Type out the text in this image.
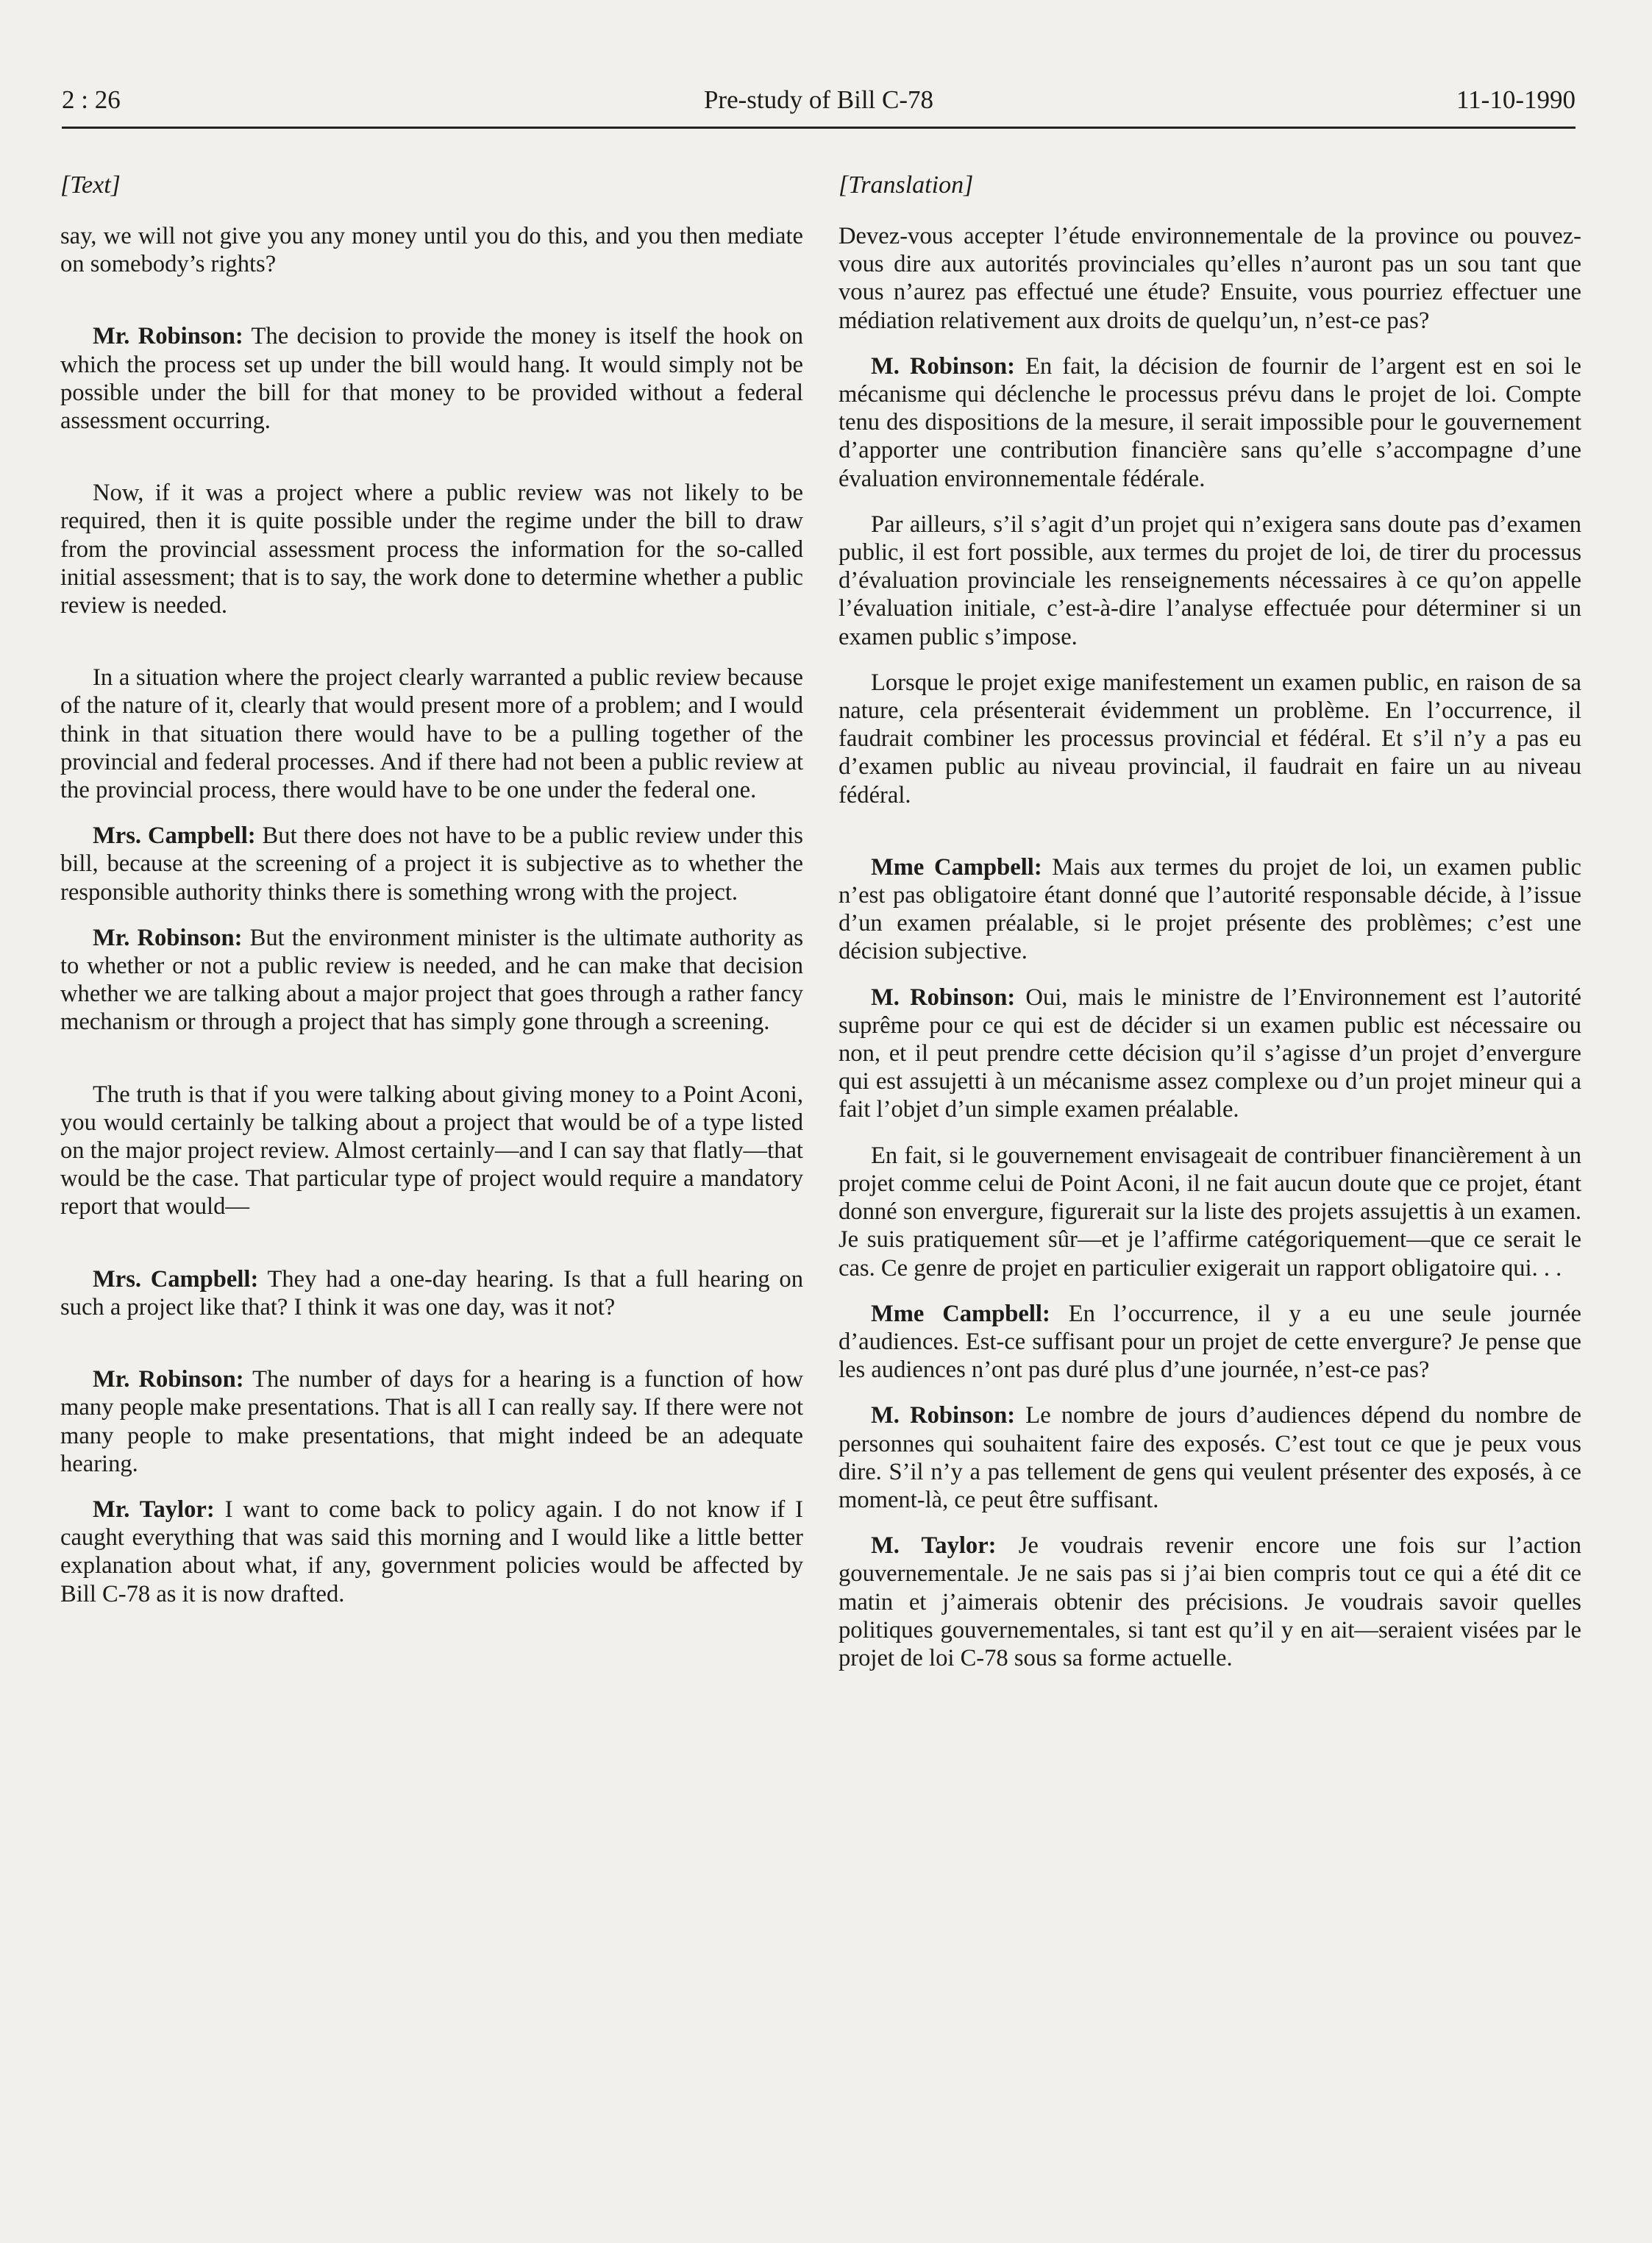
Pre-study of Bill C-78
2 : 26	11-10-1990
[Text]

say, we will not give you any money until you do this, and you then mediate on somebody’s rights?

Mr. Robinson: The decision to provide the money is itself the hook on which the process set up under the bill would hang. It would simply not be possible under the bill for that money to be provided without a federal assessment occurring.

Now, if it was a project where a public review was not likely to be required, then it is quite possible under the regime under the bill to draw from the provincial assessment process the information for the so-called initial assessment; that is to say, the work done to determine whether a public review is needed.

In a situation where the project clearly warranted a public review because of the nature of it, clearly that would present more of a problem; and I would think in that situation there would have to be a pulling together of the provincial and federal processes. And if there had not been a public review at the provincial process, there would have to be one under the federal one.

Mrs. Campbell: But there does not have to be a public review under this bill, because at the screening of a project it is subjective as to whether the responsible authority thinks there is something wrong with the project.

Mr. Robinson: But the environment minister is the ultimate authority as to whether or not a public review is needed, and he can make that decision whether we are talking about a major project that goes through a rather fancy mechanism or through a project that has simply gone through a screening.

The truth is that if you were talking about giving money to a Point Aconi, you would certainly be talking about a project that would be of a type listed on the major project review. Almost certainly—and I can say that flatly—that would be the case. That particular type of project would require a mandatory report that would—

Mrs. Campbell: They had a one-day hearing. Is that a full hearing on such a project like that? I think it was one day, was it not?

Mr. Robinson: The number of days for a hearing is a function of how many people make presentations. That is all I can really say. If there were not many people to make presentations, that might indeed be an adequate hearing.

Mr. Taylor: I want to come back to policy again. I do not know if I caught everything that was said this morning and I would like a little better explanation about what, if any, government policies would be affected by Bill C-78 as it is now drafted.

[Translation]

Devez-vous accepter l’étude environnementale de la province ou pouvez-vous dire aux autorités provinciales qu’elles n’auront pas un sou tant que vous n’aurez pas effectué une étude? Ensuite, vous pourriez effectuer une médiation relativement aux droits de quelqu’un, n’est-ce pas?

M. Robinson: En fait, la décision de fournir de l’argent est en soi le mécanisme qui déclenche le processus prévu dans le projet de loi. Compte tenu des dispositions de la mesure, il serait impossible pour le gouvernement d’apporter une contribution financière sans qu’elle s’accompagne d’une évaluation environnementale fédérale.

Par ailleurs, s’il s’agit d’un projet qui n’exigera sans doute pas d’examen public, il est fort possible, aux termes du projet de loi, de tirer du processus d’évaluation provinciale les renseignements nécessaires à ce qu’on appelle l’évaluation initiale, c’est-à-dire l’analyse effectuée pour déterminer si un examen public s’impose.

Lorsque le projet exige manifestement un examen public, en raison de sa nature, cela présenterait évidemment un problème. En l’occurrence, il faudrait combiner les processus provincial et fédéral. Et s’il n’y a pas eu d’examen public au niveau provincial, il faudrait en faire un au niveau fédéral.

Mme Campbell: Mais aux termes du projet de loi, un examen public n’est pas obligatoire étant donné que l’autorité responsable décide, à l’issue d’un examen préalable, si le projet présente des problèmes; c’est une décision subjective.

M. Robinson: Oui, mais le ministre de l’Environnement est l’autorité suprême pour ce qui est de décider si un examen public est nécessaire ou non, et il peut prendre cette décision qu’il s’agisse d’un projet d’envergure qui est assujetti à un mécanisme assez complexe ou d’un projet mineur qui a fait l’objet d’un simple examen préalable.

En fait, si le gouvernement envisageait de contribuer financièrement à un projet comme celui de Point Aconi, il ne fait aucun doute que ce projet, étant donné son envergure, figurerait sur la liste des projets assujettis à un examen. Je suis pratiquement sûr—et je l’affirme catégoriquement—que ce serait le cas. Ce genre de projet en particulier exigerait un rapport obligatoire qui. . .

Mme Campbell: En l’occurrence, il y a eu une seule journée d’audiences. Est-ce suffisant pour un projet de cette envergure? Je pense que les audiences n’ont pas duré plus d’une journée, n’est-ce pas?

M. Robinson: Le nombre de jours d’audiences dépend du nombre de personnes qui souhaitent faire des exposés. C’est tout ce que je peux vous dire. S’il n’y a pas tellement de gens qui veulent présenter des exposés, à ce moment-là, ce peut être suffisant.

M. Taylor: Je voudrais revenir encore une fois sur l’action gouvernementale. Je ne sais pas si j’ai bien compris tout ce qui a été dit ce matin et j’aimerais obtenir des précisions. Je voudrais savoir quelles politiques gouvernementales, si tant est qu’il y en ait—seraient visées par le projet de loi C-78 sous sa forme actuelle.
